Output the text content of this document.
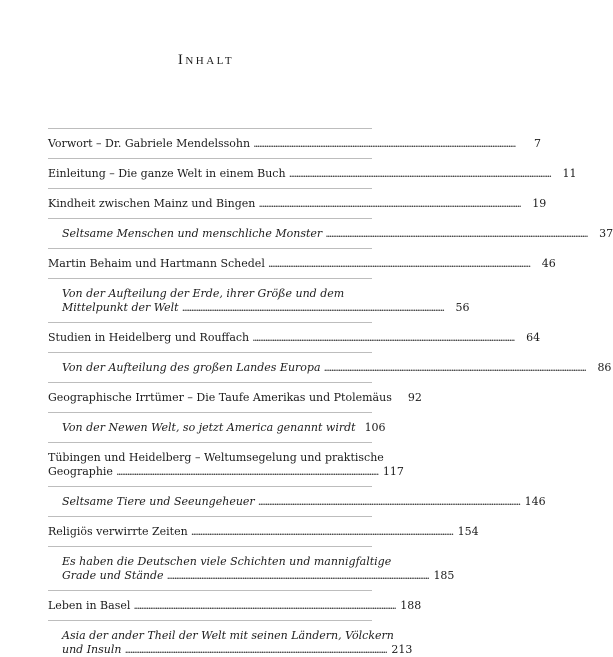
Inhalt
Vorwort – Dr. Gabriele Mendelssohn . . .	7
Einleitung – Die ganze Welt in einem Buch . . .	11
Kindheit zwischen Mainz und Bingen . . .	19
Seltsame Menschen und menschliche Monster . . .	37
Martin Behaim und Hartmann Schedel . . .	46
Von der Aufteilung der Erde, ihrer Größe und dem
Mittelpunkt der Welt . . .	56
Studien in Heidelberg und Rouffach . . .	64
Von der Aufteilung des großen Landes Europa . . .	86
Geographische Irrtümer – Die Taufe Amerikas und Ptolemäus	92
Von der Newen Welt, so jetzt America genannt wirdt 106
Tübingen und Heidelberg – Weltumsegelung und praktische
Geographie . . .	117
Seltsame Tiere und Seeungeheuer . . .	146
Religiös verwirrte Zeiten . . .	154
Es haben die Deutschen viele Schichten und mannigfaltige
Grade und Stände . . .	185
Leben in Basel . . .	188
Asia der ander Theil der Welt mit seinen Ländern, Völckern
und Insuln . . .	213
